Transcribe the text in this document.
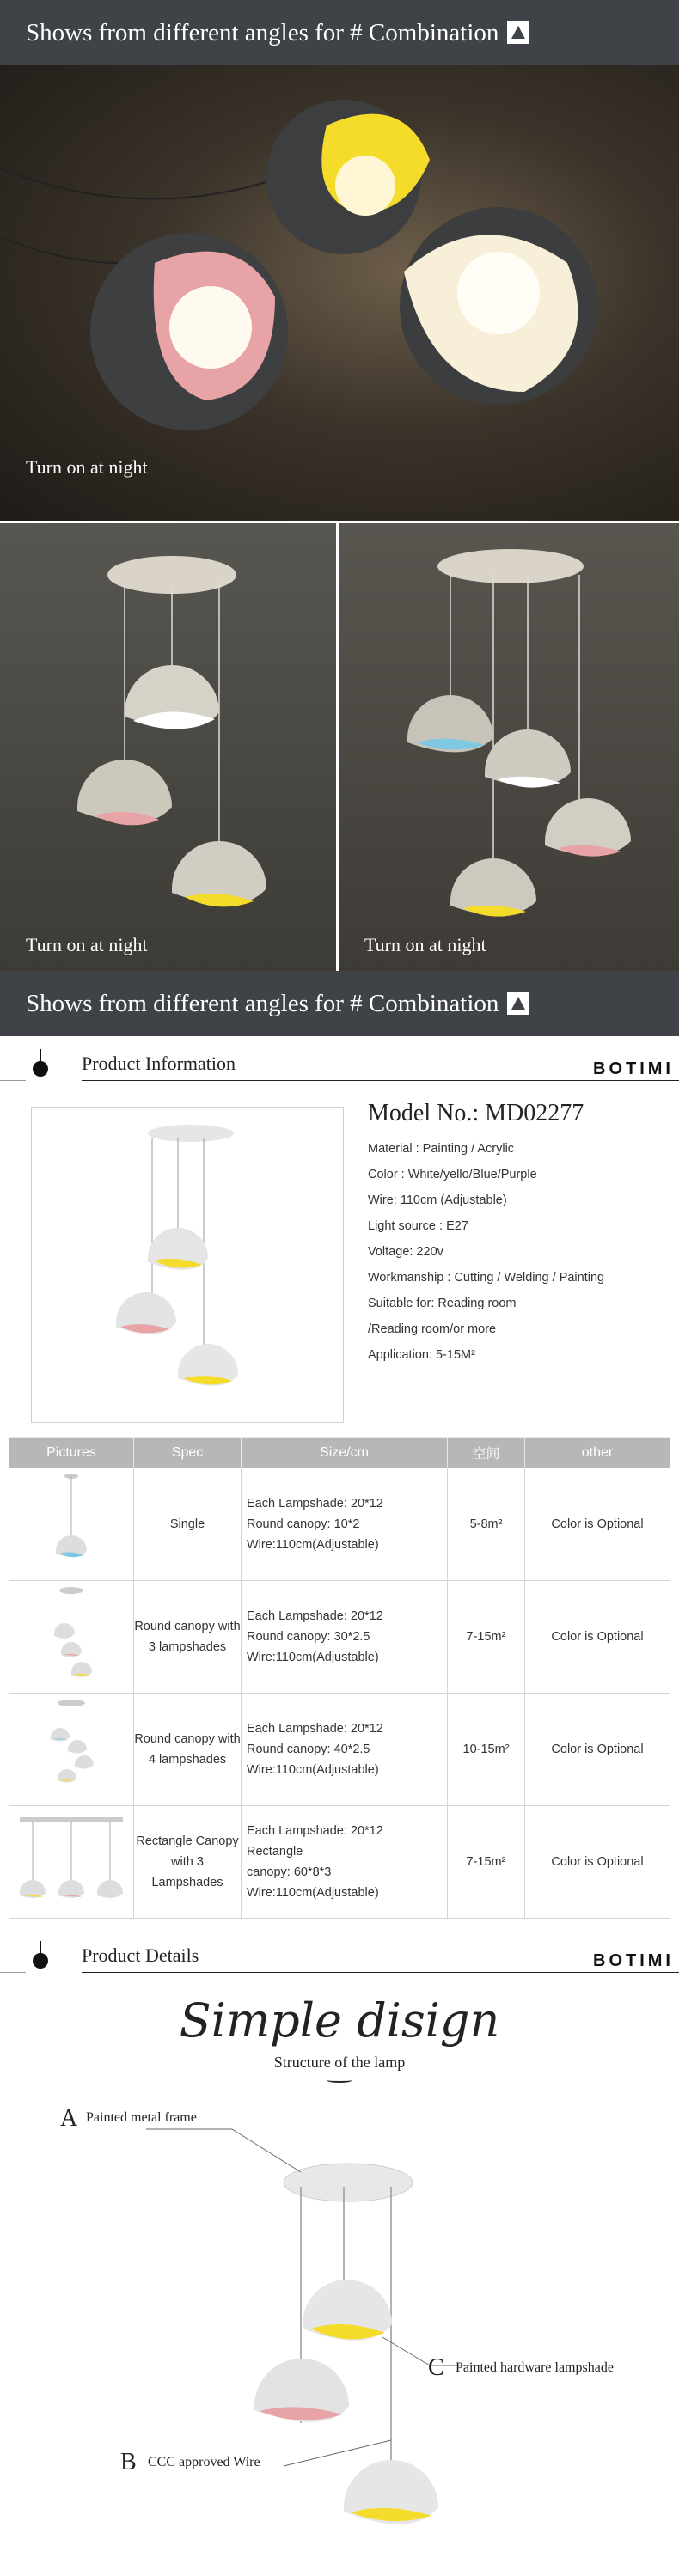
Shows from different angles for # Combination
Turn on at night
Turn on at night	Turn on at night
Shows from different angles for # Combination
Product Information	BOTIMI
Model No.: MD02277
Material : Painting / Acrylic
Color : White/yello/Blue/Purple
Wire: 110cm (Adjustable)
Light source : E27
Voltage: 220v
Workmanship : Cutting / Welding / Painting
Suitable for: Reading room
/Reading room/or more
Application: 5-15M²
Pictures	Spec	Size/cm	空间	other
	Single	Each Lampshade: 20*12
Round canopy: 10*2
Wire:110cm(Adjustable)	5-8m²	Color is Optional
	Round canopy with 3 lampshades	Each Lampshade: 20*12
Round canopy: 30*2.5
Wire:110cm(Adjustable)	7-15m²	Color is Optional
	Round canopy with 4 lampshades	Each Lampshade: 20*12
Round canopy: 40*2.5
Wire:110cm(Adjustable)	10-15m²	Color is Optional
	Rectangle Canopy with 3 Lampshades	Each Lampshade: 20*12
Rectangle
canopy: 60*8*3
Wire:110cm(Adjustable)	7-15m²	Color is Optional
Product Details	BOTIMI
Simple disign
Structure of the lamp
A Painted metal frame
C Painted hardware lampshade
B CCC approved Wire
